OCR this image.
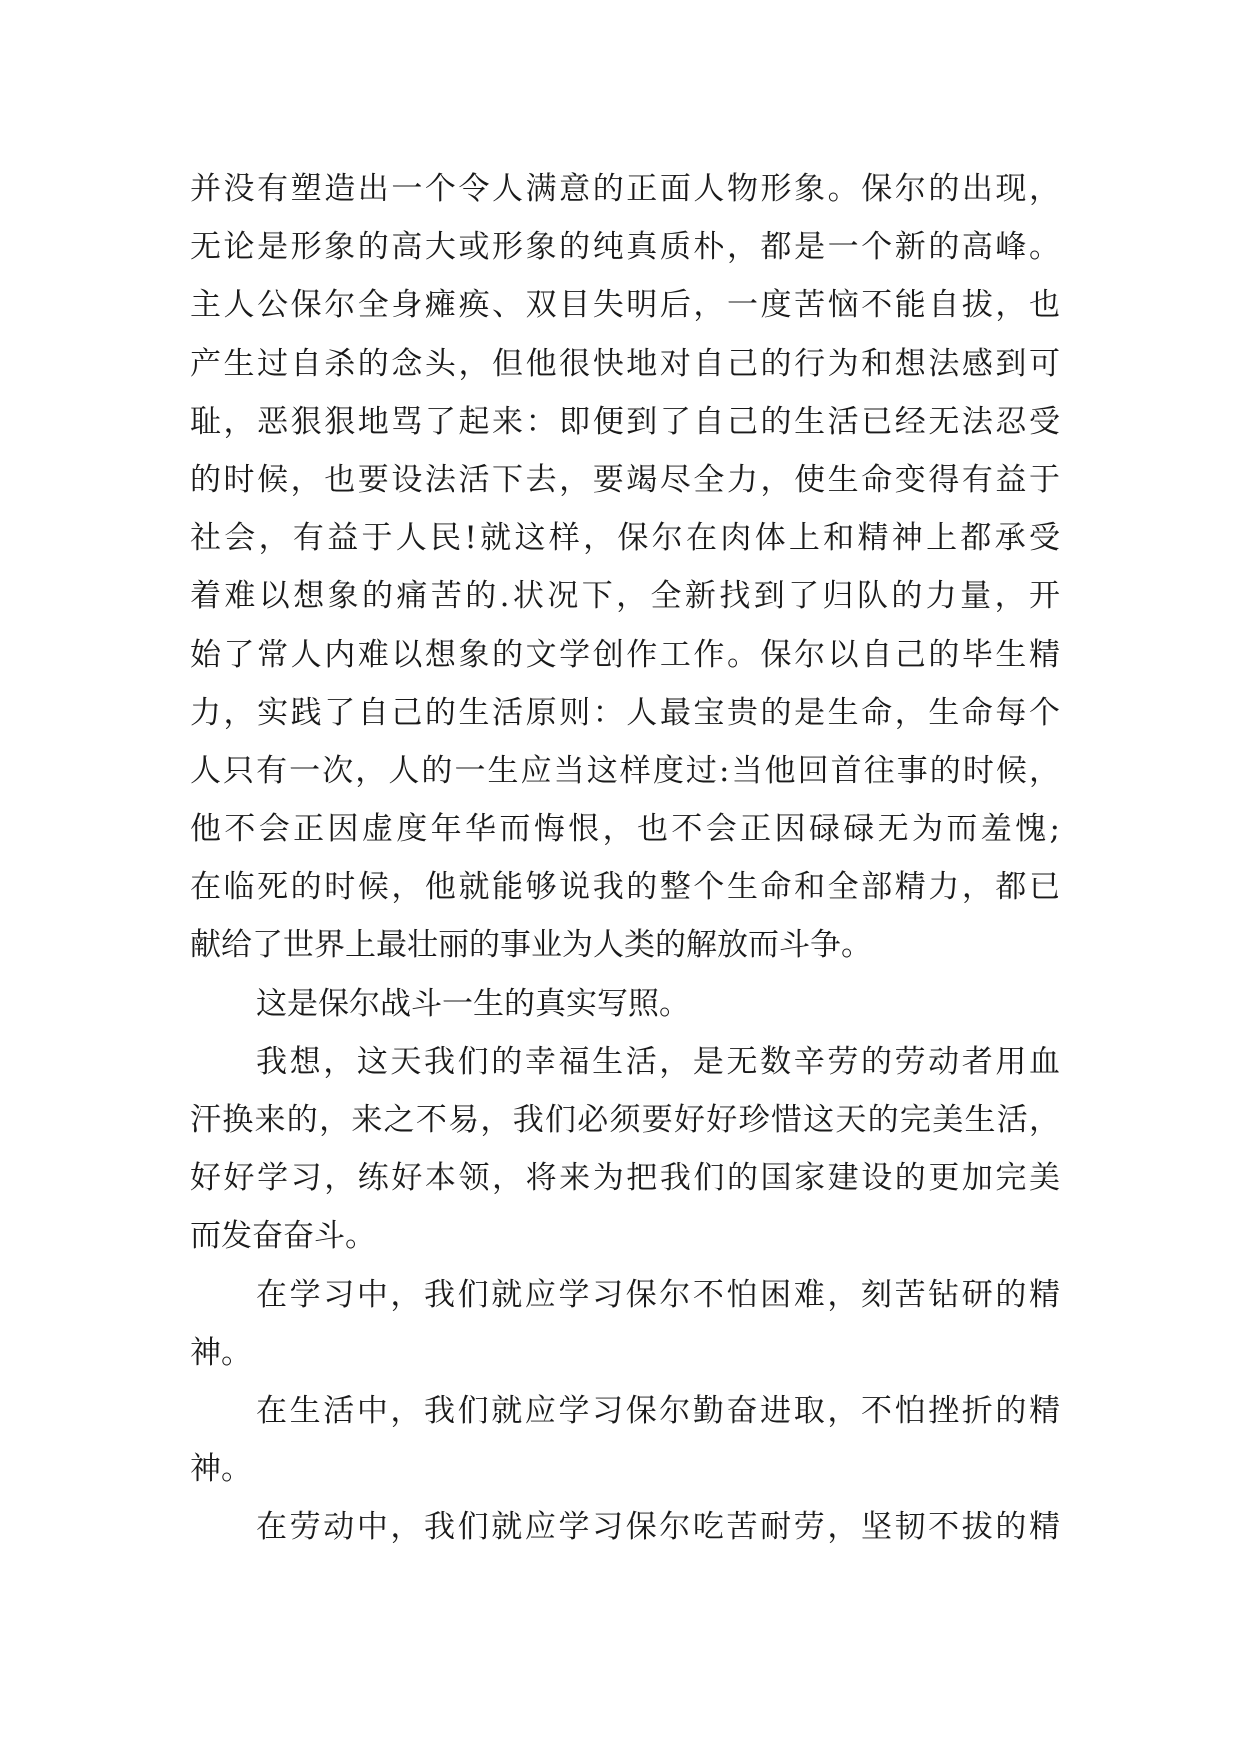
并没有塑造出一个令人满意的正面人物形象。保尔的出现，
无论是形象的高大或形象的纯真质朴，都是一个新的高峰。
主人公保尔全身瘫痪、双目失明后，一度苦恼不能自拔，也
产生过自杀的念头，但他很快地对自己的行为和想法感到可
耻，恶狠狠地骂了起来：即便到了自己的生活已经无法忍受
的时候，也要设法活下去，要竭尽全力，使生命变得有益于
社会，有益于人民!就这样，保尔在肉体上和精神上都承受
着难以想象的痛苦的.状况下，全新找到了归队的力量，开
始了常人内难以想象的文学创作工作。保尔以自己的毕生精
力，实践了自己的生活原则：人最宝贵的是生命，生命每个
人只有一次，人的一生应当这样度过:当他回首往事的时候，
他不会正因虚度年华而悔恨，也不会正因碌碌无为而羞愧;
在临死的时候，他就能够说我的整个生命和全部精力，都已
献给了世界上最壮丽的事业为人类的解放而斗争。
这是保尔战斗一生的真实写照。
我想，这天我们的幸福生活，是无数辛劳的劳动者用血
汗换来的，来之不易，我们必须要好好珍惜这天的完美生活，
好好学习，练好本领，将来为把我们的国家建设的更加完美
而发奋奋斗。
在学习中，我们就应学习保尔不怕困难，刻苦钻研的精
神。
在生活中，我们就应学习保尔勤奋进取，不怕挫折的精
神。
在劳动中，我们就应学习保尔吃苦耐劳，坚韧不拔的精
